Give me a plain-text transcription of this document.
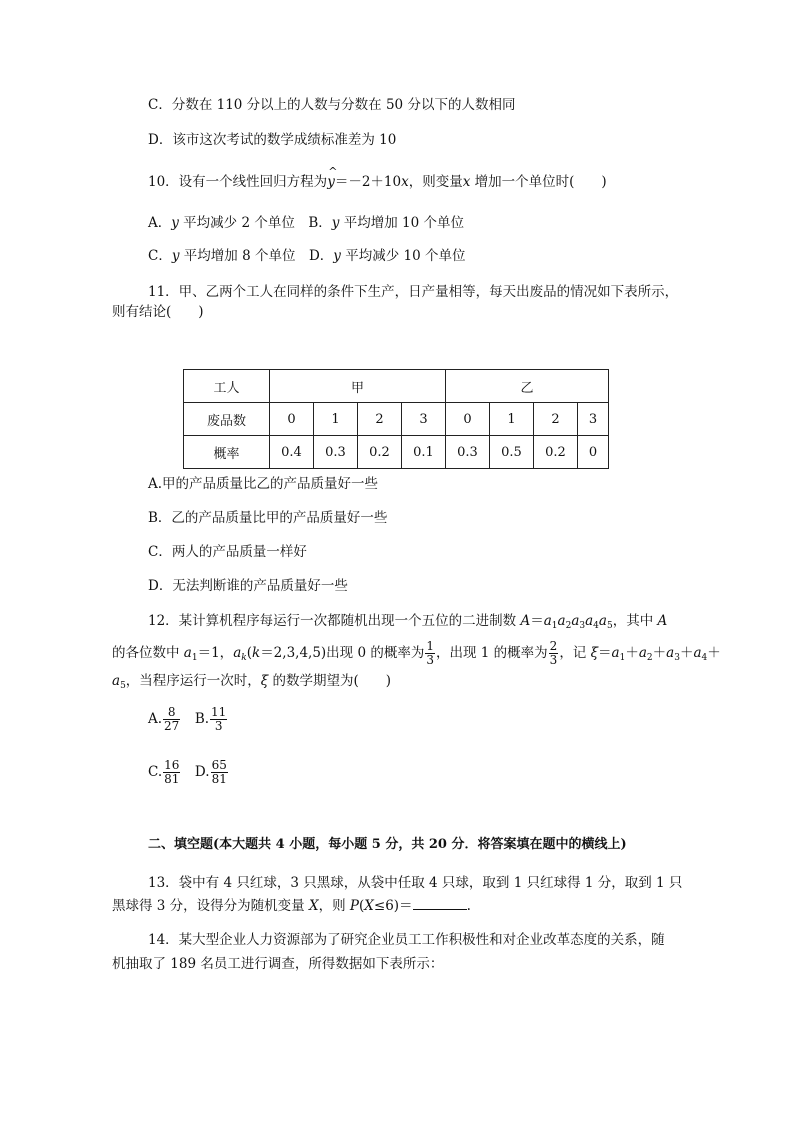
C．分数在 110 分以上的人数与分数在 50 分以下的人数相同
D．该市这次考试的数学成绩标准差为 10
10．设有一个线性回归方程为^ y＝－2＋10x，则变量x 增加一个单位时(　　)
A．y 平均减少 2 个单位　 B．y 平均增加 10 个单位
C．y 平均增加 8 个单位　 D．y 平均减少 10 个单位
11．甲、乙两个工人在同样的条件下生产，日产量相等，每天出废品的情况如下表所示，
则有结论(　　)
工人	甲				乙			
废品数	0	1	2	3	0	1	2	3
概率	0.4	0.3	0.2	0.1	0.3	0.5	0.2	0
A.甲的产品质量比乙的产品质量好一些
B．乙的产品质量比甲的产品质量好一些
C．两人的产品质量一样好
D．无法判断谁的产品质量好一些
12．某计算机程序每运行一次都随机出现一个五位的二进制数 $A=a_1a_2a_3a_4a_5$，其中 A
的各位数中 $a_1=1$，$a_k(k=2,3,4,5)$出现 0 的概率为 $\frac{1}{3}$ ，出现 1 的概率为 $\frac{2}{3}$ ，记 $\xi=a_1+a_2+a_3+a_4+$
$a_5$，当程序运行一次时，ξ 的数学期望为(　　)
A. $\frac{8}{27}$
　 B. $\frac{11}{3}$
C. $\frac{16}{81}$
　 D. $\frac{65}{81}$
二、填空题(本大题共 4 小题，每小题 5 分，共 20 分．将答案填在题中的横线上)
13．袋中有 4 只红球，3 只黑球，从袋中任取 4 只球，取到 1 只红球得 1 分，取到 1 只
黑球得 3 分，设得分为随机变量 X，则 P(X≤6)＝	.
14．某大型企业人力资源部为了研究企业员工工作积极性和对企业改革态度的关系，随
机抽取了 189 名员工进行调查，所得数据如下表所示：
